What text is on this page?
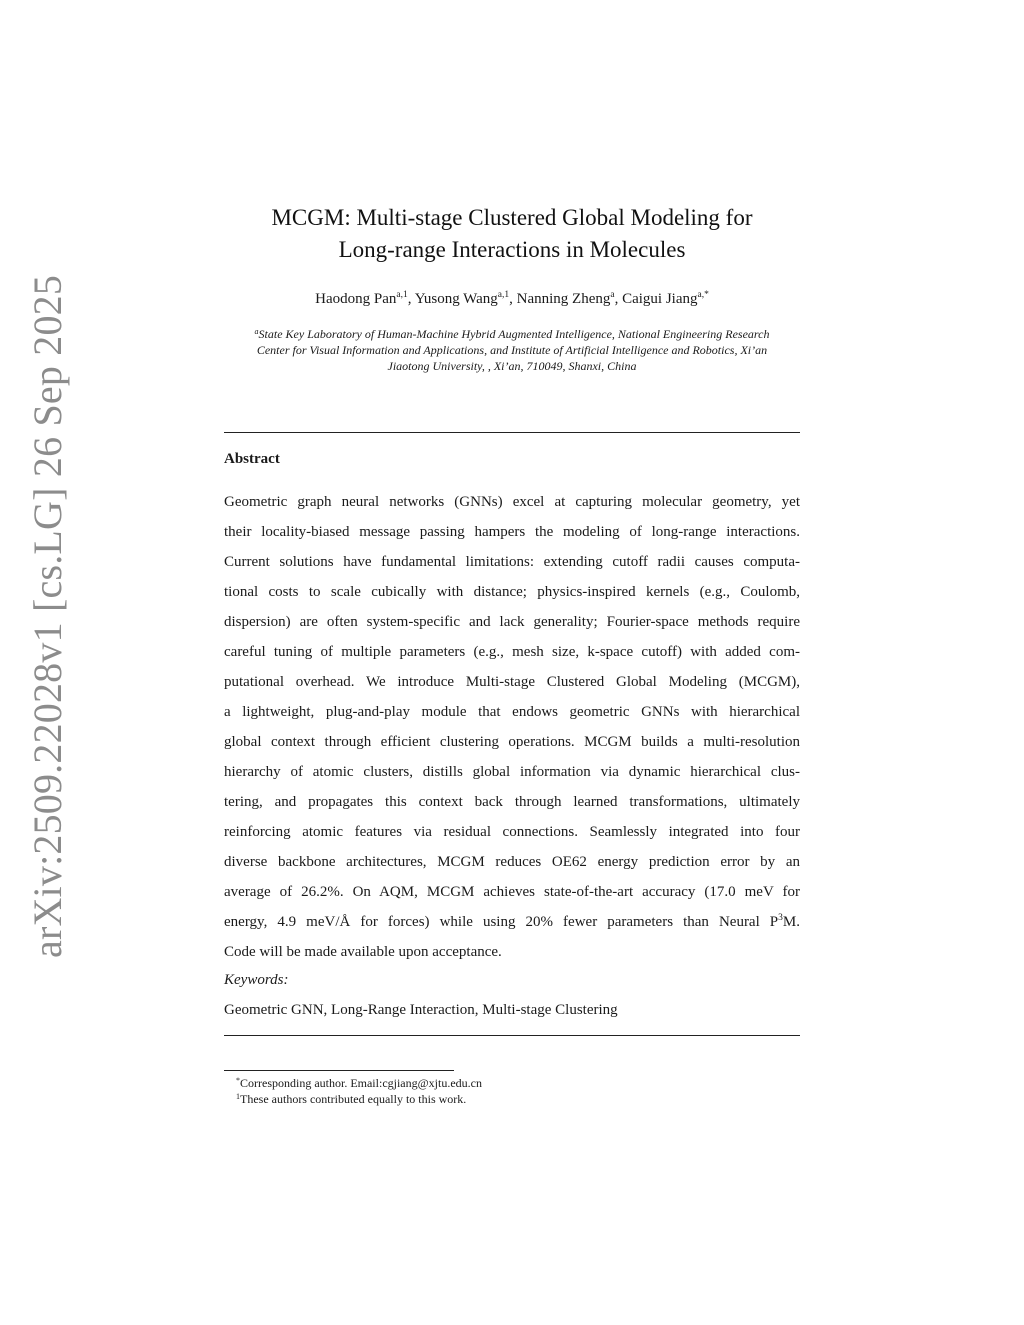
arXiv:2509.22028v1 [cs.LG] 26 Sep 2025
MCGM: Multi-stage Clustered Global Modeling for
Long-range Interactions in Molecules
Haodong Pan$^{a,1}$, Yusong Wang$^{a,1}$, Nanning Zheng$^a$, Caigui Jiang$^{a,*}$
$^a$State Key Laboratory of Human-Machine Hybrid Augmented Intelligence, National Engineering Research
Center for Visual Information and Applications, and Institute of Artificial Intelligence and Robotics, Xi’an
Jiaotong University, , Xi’an, 710049, Shanxi, China
Abstract
Geometric graph neural networks (GNNs) excel at capturing molecular geometry, yet
their locality-biased message passing hampers the modeling of long-range interactions.
Current solutions have fundamental limitations: extending cutoff radii causes computa-
tional costs to scale cubically with distance; physics-inspired kernels (e.g., Coulomb,
dispersion) are often system-specific and lack generality; Fourier-space methods require
careful tuning of multiple parameters (e.g., mesh size, k-space cutoff) with added com-
putational overhead. We introduce Multi-stage Clustered Global Modeling (MCGM),
a lightweight, plug-and-play module that endows geometric GNNs with hierarchical
global context through efficient clustering operations. MCGM builds a multi-resolution
hierarchy of atomic clusters, distills global information via dynamic hierarchical clus-
tering, and propagates this context back through learned transformations, ultimately
reinforcing atomic features via residual connections. Seamlessly integrated into four
diverse backbone architectures, MCGM reduces OE62 energy prediction error by an
average of 26.2%. On AQM, MCGM achieves state-of-the-art accuracy (17.0 meV for
energy, 4.9 meV/Å for forces) while using 20% fewer parameters than Neural $P^3M$.
Code will be made available upon acceptance.
Keywords:
Geometric GNN, Long-Range Interaction, Multi-stage Clustering
*Corresponding author. Email:cgjiang@xjtu.edu.cn
$^1$These authors contributed equally to this work.
